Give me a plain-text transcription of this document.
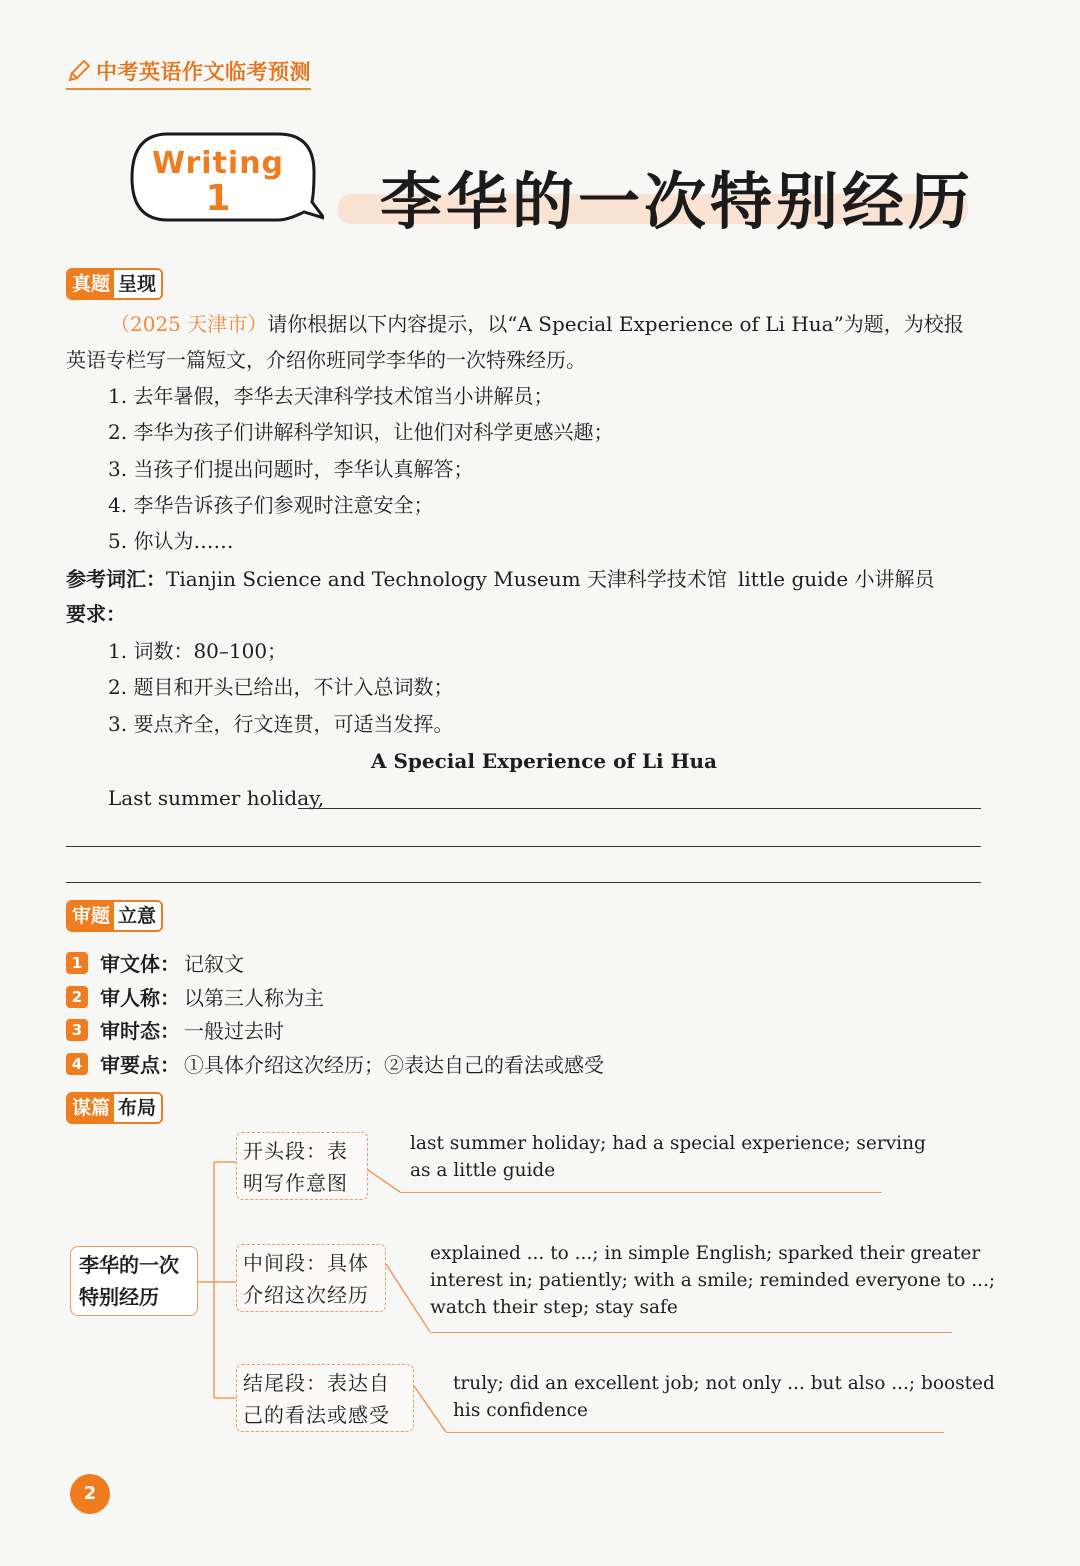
中考英语作文临考预测
Writing
1	李华的一次特别经历
真题 呈现
（2025 天津市）请你根据以下内容提示，以“A Special Experience of Li Hua”为题，为校报
英语专栏写一篇短文，介绍你班同学李华的一次特殊经历。
1. 去年暑假，李华去天津科学技术馆当小讲解员；
2. 李华为孩子们讲解科学知识，让他们对科学更感兴趣；
3. 当孩子们提出问题时，李华认真解答；
4. 李华告诉孩子们参观时注意安全；
5. 你认为……
参考词汇：Tianjin Science and Technology Museum 天津科学技术馆 little guide 小讲解员
要求：
1. 词数：80–100；
2. 题目和开头已给出，不计入总词数；
3. 要点齐全，行文连贯，可适当发挥。
A Special Experience of Li Hua
Last summer holiday,
审题 立意
1 审文体： 记叙文
2 审人称： 以第三人称为主
3 审时态： 一般过去时
4 审要点： ①具体介绍这次经历；②表达自己的看法或感受
谋篇 布局
李华的一次
特别经历
开头段：表
明写作意图
last summer holiday; had a special experience; serving
as a little guide
中间段：具体
介绍这次经历
explained ... to ...; in simple English; sparked their greater
interest in; patiently; with a smile; reminded everyone to ...;
watch their step; stay safe
结尾段：表达自
己的看法或感受
truly; did an excellent job; not only ... but also ...; boosted
his confidence
2
